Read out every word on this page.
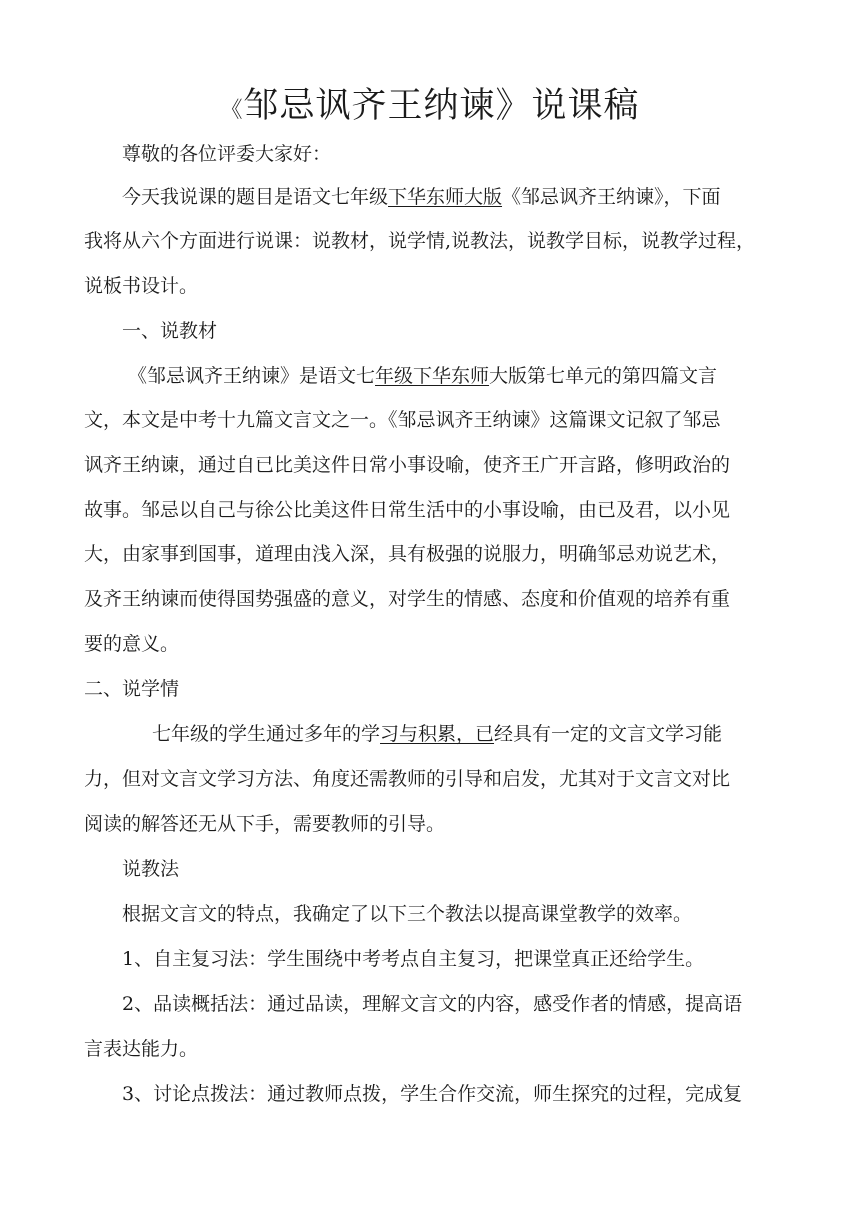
《邹忌讽齐王纳谏》说课稿
尊敬的各位评委大家好：
今天我说课的题目是语文七年级下华东师大版《邹忌讽齐王纳谏》，下面
我将从六个方面进行说课：说教材，说学情,说教法，说教学目标，说教学过程，
说板书设计。
一、说教材
《邹忌讽齐王纳谏》是语文七年级下华东师大版第七单元的第四篇文言
文，本文是中考十九篇文言文之一。《邹忌讽齐王纳谏》这篇课文记叙了邹忌
讽齐王纳谏，通过自已比美这件日常小事设喻，使齐王广开言路，修明政治的
故事。邹忌以自己与徐公比美这件日常生活中的小事设喻，由已及君，以小见
大，由家事到国事，道理由浅入深，具有极强的说服力，明确邹忌劝说艺术，
及齐王纳谏而使得国势强盛的意义，对学生的情感、态度和价值观的培养有重
要的意义。
二、说学情
七年级的学生通过多年的学习与积累，已经具有一定的文言文学习能
力，但对文言文学习方法、角度还需教师的引导和启发，尤其对于文言文对比
阅读的解答还无从下手，需要教师的引导。
说教法
根据文言文的特点，我确定了以下三个教法以提高课堂教学的效率。
1、自主复习法：学生围绕中考考点自主复习，把课堂真正还给学生。
2、品读概括法：通过品读，理解文言文的内容，感受作者的情感，提高语
言表达能力。
3、讨论点拨法：通过教师点拨，学生合作交流，师生探究的过程，完成复
